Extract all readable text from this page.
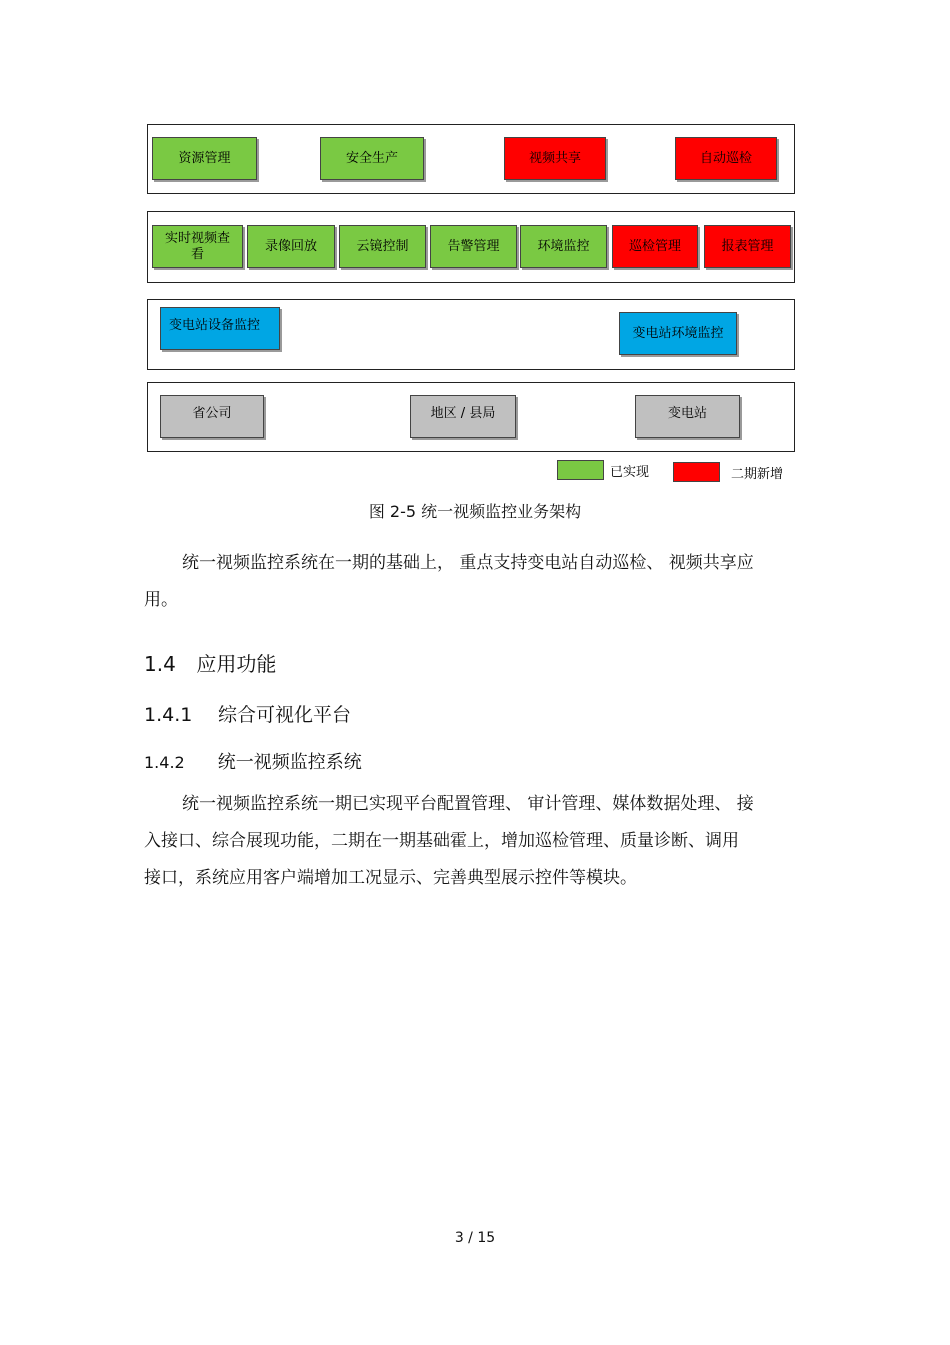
资源管理	安全生产	视频共享	自动巡检
实时视频查看
录像回放	云镜控制	告警管理	环境监控	巡检管理	报表管理
变电站设备监控	变电站环境监控
省公司	地区 / 县局	变电站
已实现	二期新增
图 2-5 统一视频监控业务架构
统一视频监控系统在一期的基础上， 重点支持变电站自动巡检、 视频共享应
用。
1.4 应用功能
1.4.1 综合可视化平台
1.4.2 统一视频监控系统
统一视频监控系统一期已实现平台配置管理、 审计管理、媒体数据处理、 接
入接口、综合展现功能，二期在一期基础霍上，增加巡检管理、质量诊断、调用
接口，系统应用客户端增加工况显示、完善典型展示控件等模块。
3 / 15
